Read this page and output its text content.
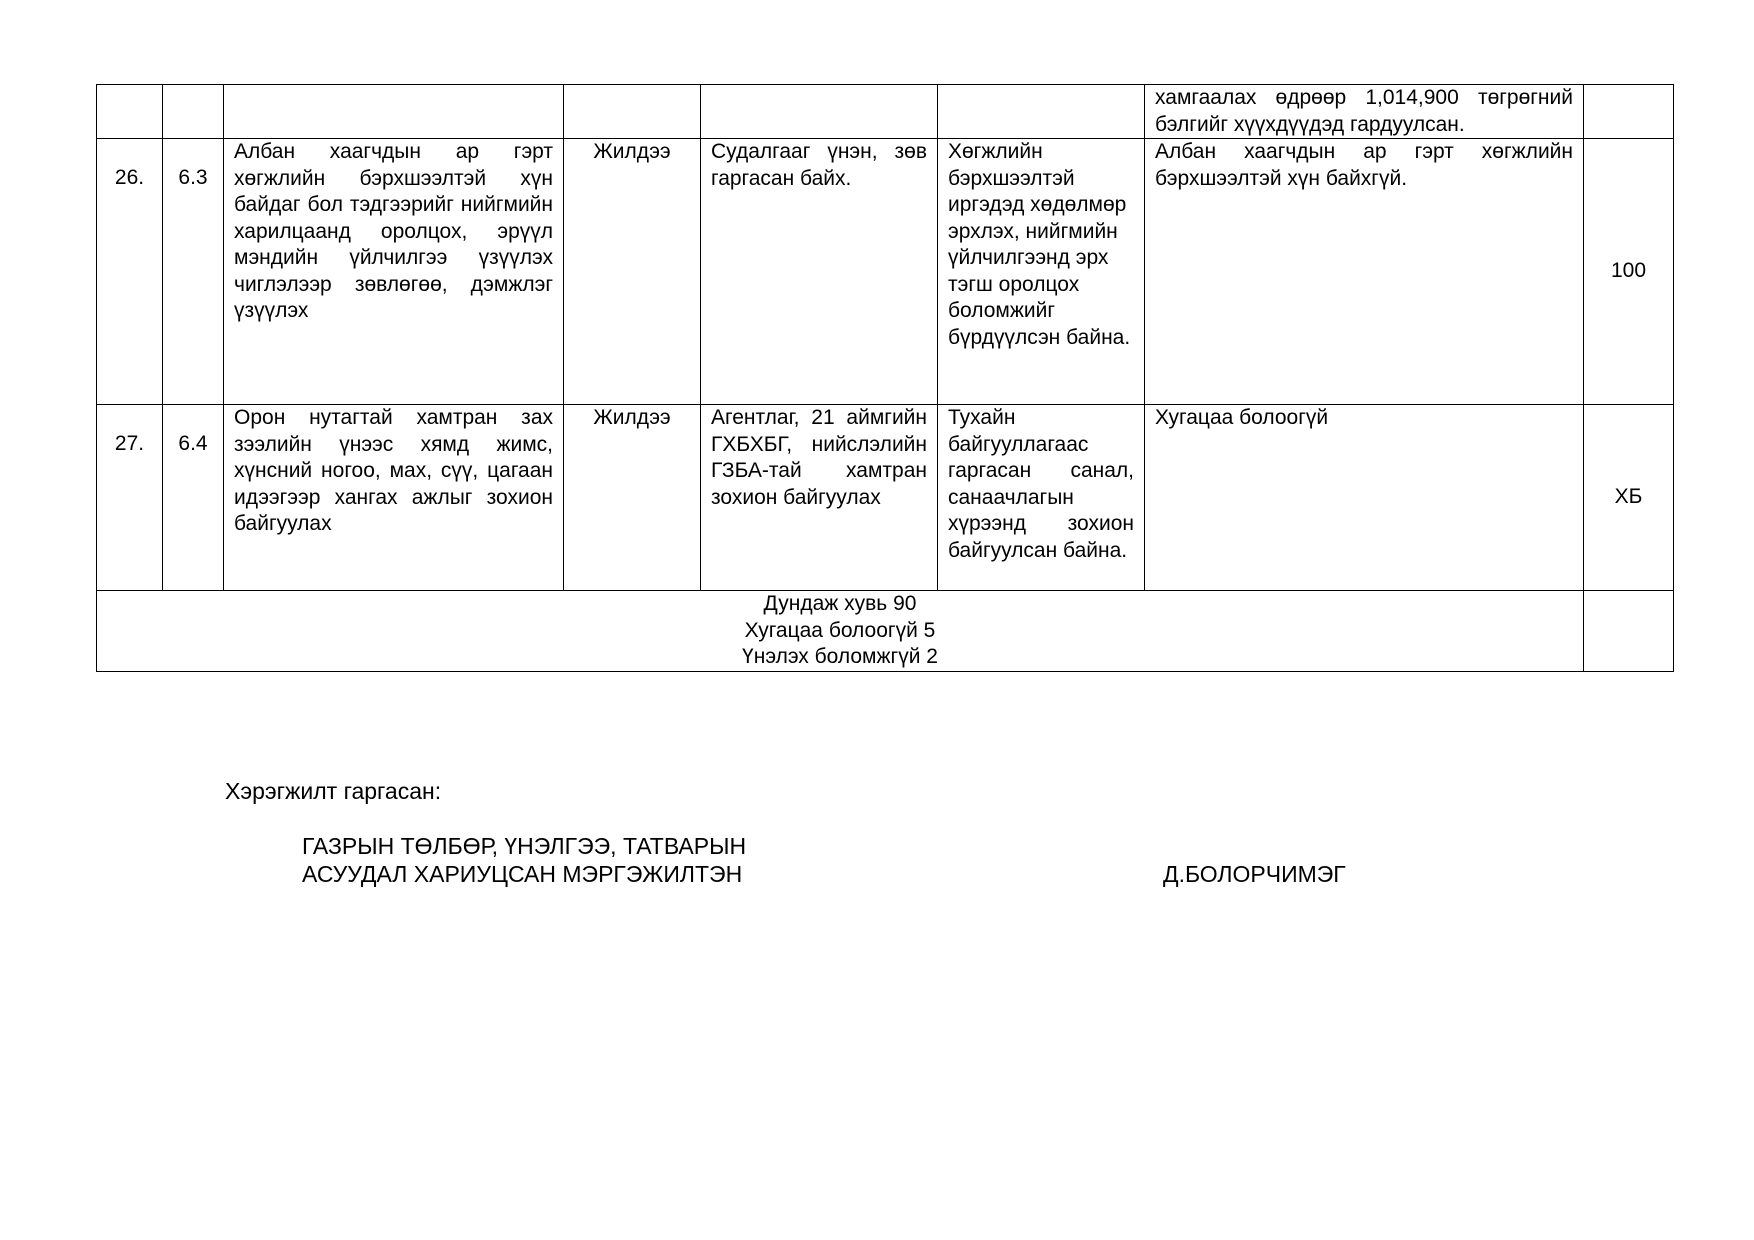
						хамгаалах өдрөөр 1,014,900 төгрөгний
бэлгийг хүүхдүүдэд гардуулсан.	

26.	6.3	Албан хаагчдын ар гэрт хөгжлийн бэрхшээлтэй хүн байдаг бол тэдгээрийг нийгмийн харилцаанд оролцох, эрүүл мэндийн үйлчилгээ үзүүлэх чиглэлээр зөвлөгөө, дэмжлэг үзүүлэх	Жилдээ	Судалгааг үнэн, зөв гаргасан байх.	Хөгжлийн бэрхшээлтэй иргэдэд хөдөлмөр эрхлэх, нийгмийн үйлчилгээнд эрх тэгш оролцох боломжийг бүрдүүлсэн байна.	Албан хаагчдын ар гэрт хөгжлийн бэрхшээлтэй хүн байхгүй.	100
27.	6.4	Орон нутагтай хамтран зах зээлийн үнээс хямд жимс, хүнсний ногоо, мах, сүү, цагаан идээгээр хангах ажлыг зохион байгуулах	Жилдээ	Агентлаг, 21 аймгийн ГХБХБГ, нийслэлийн ГЗБА-тай хамтран зохион байгуулах	Тухайн байгууллагаас гаргасан санал, санаачлагын хүрээнд зохион байгуулсан байна.	Хугацаа болоогүй	ХБ

Дундаж хувь 90
Хугацаа болоогүй 5
Үнэлэх боломжгүй 2							

Хэрэгжилт гаргасан:
ГАЗРЫН ТӨЛБӨР, ҮНЭЛГЭЭ, ТАТВАРЫН
АСУУДАЛ ХАРИУЦСАН МЭРГЭЖИЛТЭН	Д.БОЛОРЧИМЭГ
